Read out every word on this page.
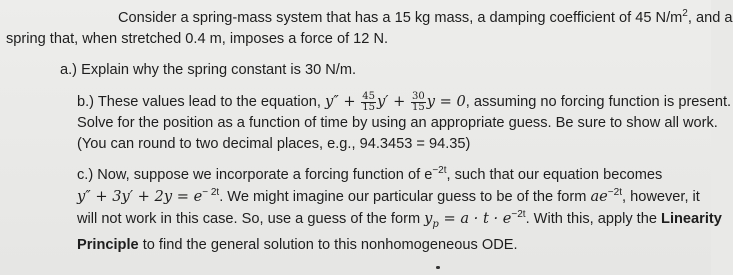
Consider a spring-mass system that has a 15 kg mass, a damping coefficient of 45 $N/m^2$, and a
spring that, when stretched 0.4 m, imposes a force of 12 N.
a.) Explain why the spring constant is 30 N/m.
b.) These values lead to the equation, $y'' + \frac{45}{15} y' + \frac{30}{15}$ y = 0, assuming no forcing function is present.
Solve for the position as a function of time by using an appropriate guess. Be sure to show all work.
(You can round to two decimal places, e.g., 94.3453 = 94.35)
c.) Now, suppose we incorporate a forcing function of $e^{-2t}$, such that our equation becomes
$y'' + 3y' + 2y = e^{- 2t}$. We might imagine our particular guess to be of the form $ae^{-2t}$, however, it
will not work in this case. So, use a guess of the form $y_p = a \cdot t \cdot e^{-2t}$. With this, apply the Linearity
Principle to find the general solution to this nonhomogeneous ODE.
